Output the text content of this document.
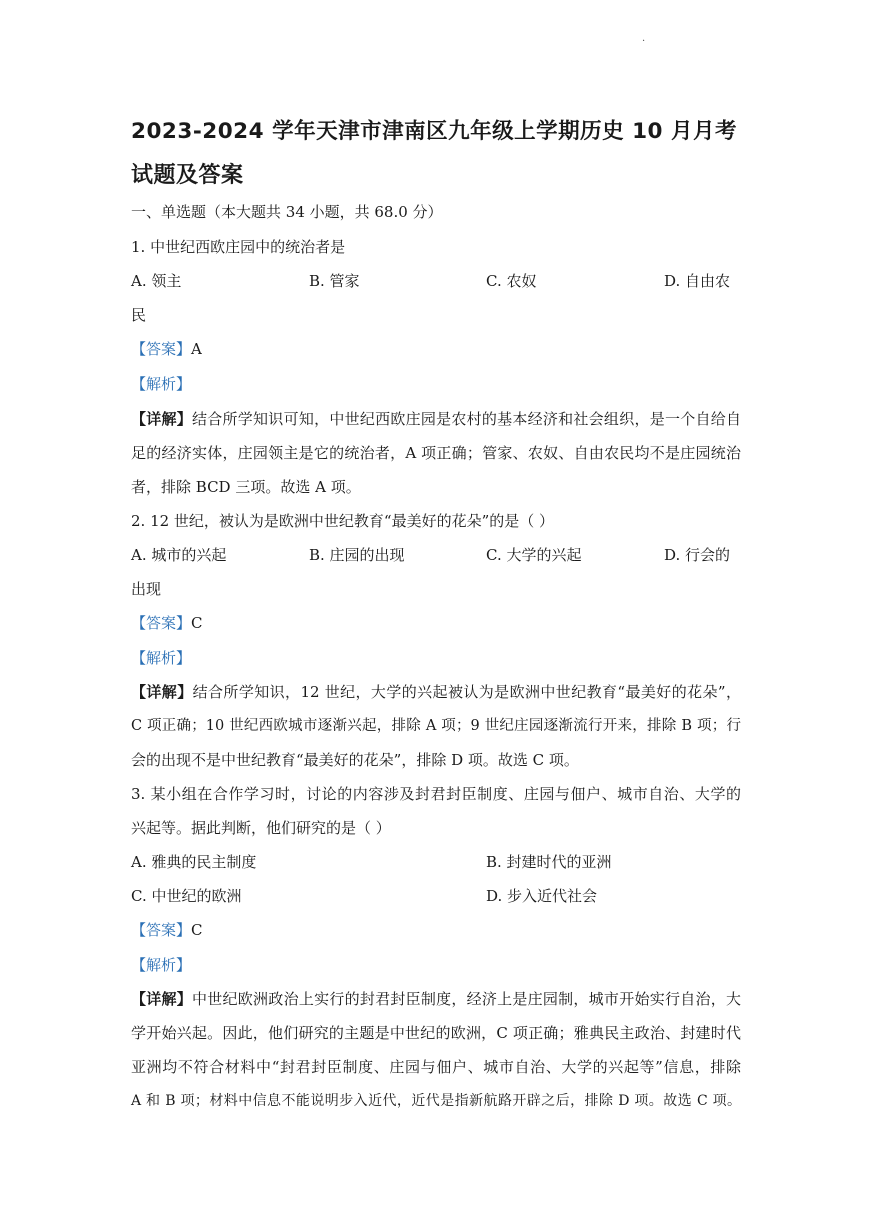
·
2023-2024 学年天津市津南区九年级上学期历史 10 月月考
试题及答案
一、单选题（本大题共 34 小题，共 68.0 分）
1. 中世纪西欧庄园中的统治者是
A. 领主	B. 管家	C. 农奴	D. 自由农
民
【答案】A
【解析】
【详解】结合所学知识可知，中世纪西欧庄园是农村的基本经济和社会组织，是一个自给自
足的经济实体，庄园领主是它的统治者，A 项正确；管家、农奴、自由农民均不是庄园统治
者，排除 BCD 三项。故选 A 项。
2. 12 世纪，被认为是欧洲中世纪教育“最美好的花朵”的是（ ）
A. 城市的兴起	B. 庄园的出现	C. 大学的兴起	D. 行会的
出现
【答案】C
【解析】
【详解】结合所学知识，12 世纪，大学的兴起被认为是欧洲中世纪教育“最美好的花朵”，
C 项正确；10 世纪西欧城市逐渐兴起，排除 A 项；9 世纪庄园逐渐流行开来，排除 B 项；行
会的出现不是中世纪教育“最美好的花朵”，排除 D 项。故选 C 项。
3. 某小组在合作学习时，讨论的内容涉及封君封臣制度、庄园与佃户、城市自治、大学的
兴起等。据此判断，他们研究的是（ ）
A. 雅典的民主制度	B. 封建时代的亚洲
C. 中世纪的欧洲	D. 步入近代社会
【答案】C
【解析】
【详解】中世纪欧洲政治上实行的封君封臣制度，经济上是庄园制，城市开始实行自治，大
学开始兴起。因此，他们研究的主题是中世纪的欧洲，C 项正确；雅典民主政治、封建时代
亚洲均不符合材料中“封君封臣制度、庄园与佃户、城市自治、大学的兴起等”信息，排除
A 和 B 项；材料中信息不能说明步入近代，近代是指新航路开辟之后，排除 D 项。故选 C 项。
